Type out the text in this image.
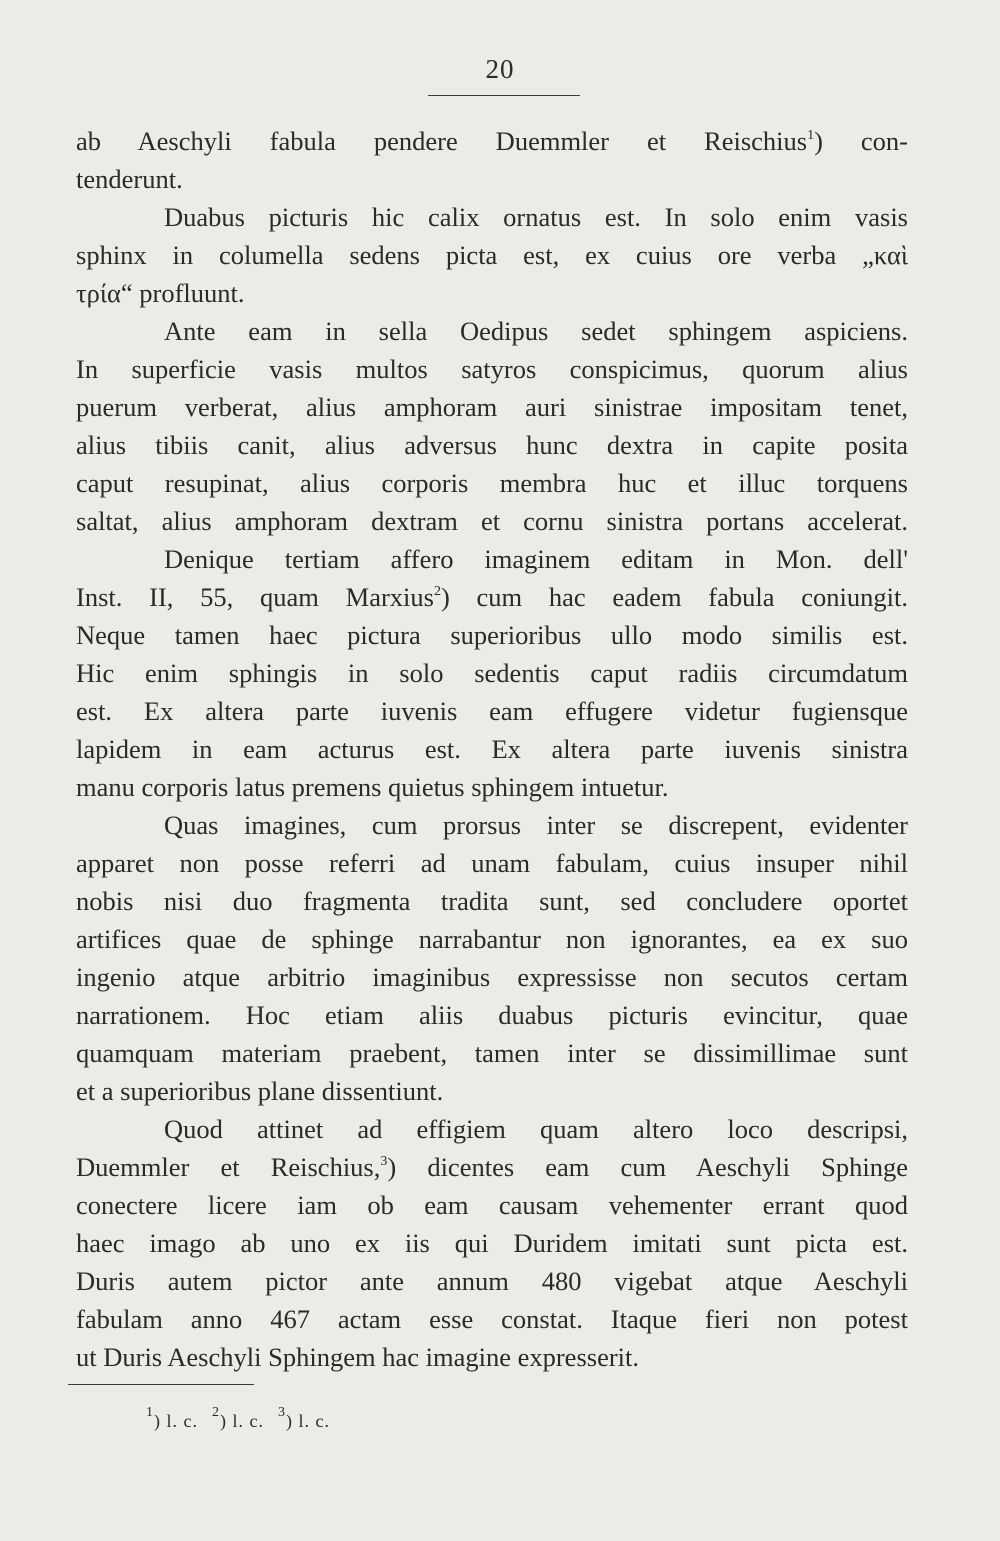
20
ab Aeschyli fabula pendere Duemmler et Reischius$^1$) con-
tenderunt.
Duabus picturis hic calix ornatus est. In solo enim vasis
sphinx in columella sedens picta est, ex cuius ore verba „καὶ
τρία“ profluunt.
Ante eam in sella Oedipus sedet sphingem aspiciens.
In superficie vasis multos satyros conspicimus, quorum alius
puerum verberat, alius amphoram auri sinistrae impositam tenet,
alius tibiis canit, alius adversus hunc dextra in capite posita
caput resupinat, alius corporis membra huc et illuc torquens
saltat, alius amphoram dextram et cornu sinistra portans accelerat.
Denique tertiam affero imaginem editam in Mon. dell'
Inst. II, 55, quam Marxius$^2$) cum hac eadem fabula coniungit.
Neque tamen haec pictura superioribus ullo modo similis est.
Hic enim sphingis in solo sedentis caput radiis circumdatum
est. Ex altera parte iuvenis eam effugere videtur fugiensque
lapidem in eam acturus est. Ex altera parte iuvenis sinistra
manu corporis latus premens quietus sphingem intuetur.
Quas imagines, cum prorsus inter se discrepent, evidenter
apparet non posse referri ad unam fabulam, cuius insuper nihil
nobis nisi duo fragmenta tradita sunt, sed concludere oportet
artifices quae de sphinge narrabantur non ignorantes, ea ex suo
ingenio atque arbitrio imaginibus expressisse non secutos certam
narrationem. Hoc etiam aliis duabus picturis evincitur, quae
quamquam materiam praebent, tamen inter se dissimillimae sunt
et a superioribus plane dissentiunt.
Quod attinet ad effigiem quam altero loco descripsi,
Duemmler et Reischius,$^3$) dicentes eam cum Aeschyli Sphinge
conectere licere iam ob eam causam vehementer errant quod
haec imago ab uno ex iis qui Duridem imitati sunt picta est.
Duris autem pictor ante annum 480 vigebat atque Aeschyli
fabulam anno 467 actam esse constat. Itaque fieri non potest
ut Duris Aeschyli Sphingem hac imagine expresserit.
$^1$) l. c. $^2$) l. c. $^3$) l. c.
